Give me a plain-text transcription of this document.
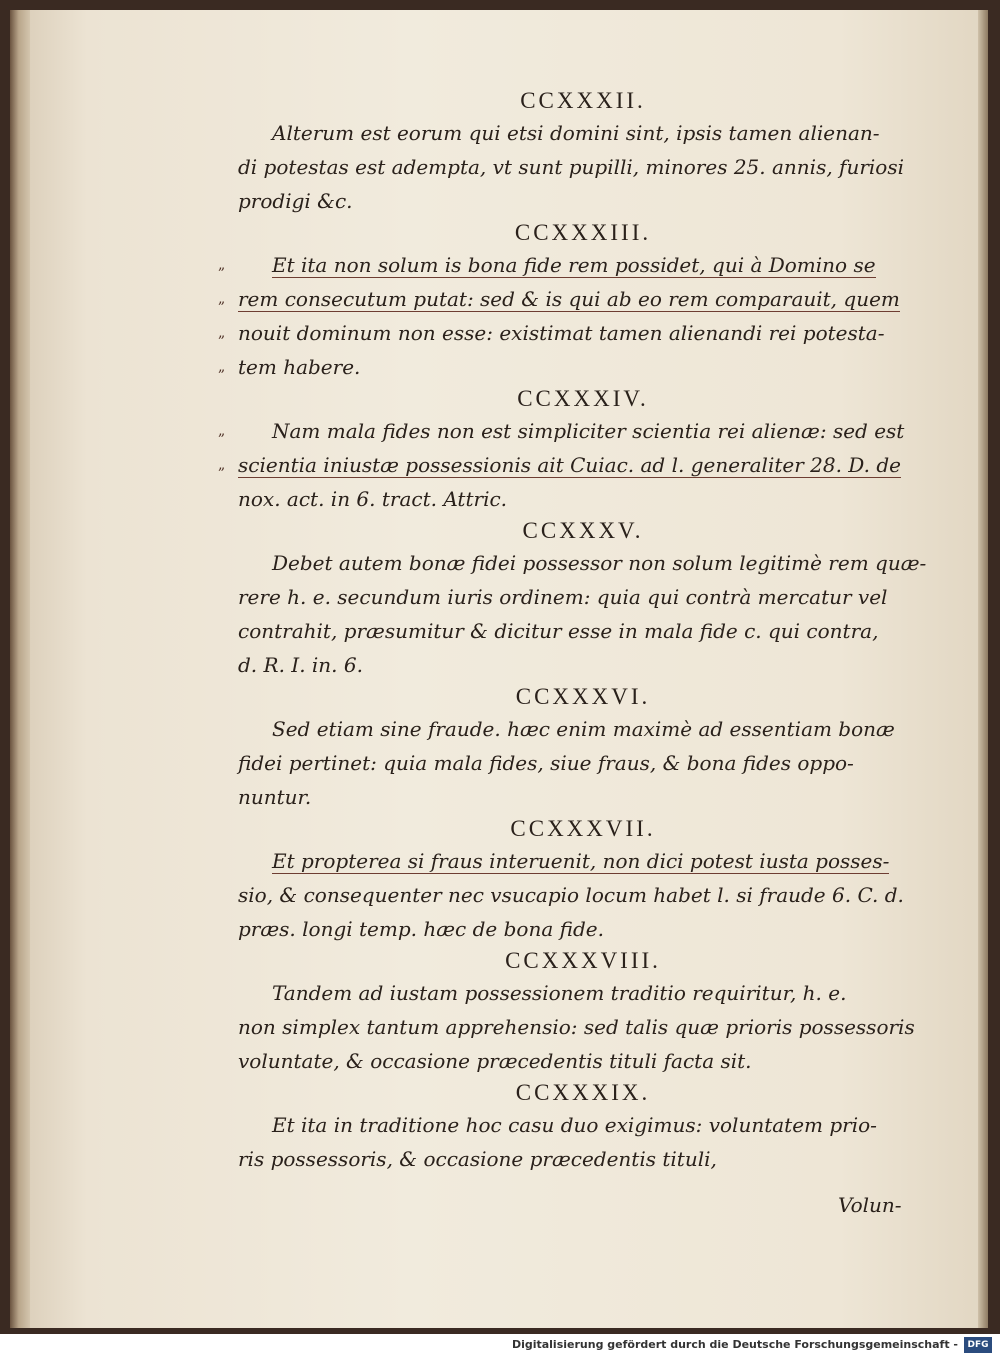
CCXXXII.
Alterum est eorum qui etsi domini sint, ipsis tamen alienan-
di potestas est adempta, vt sunt pupilli, minores 25. annis, furiosi
prodigi &c.
CCXXXIII.
„ Et ita non solum is bona fide rem possidet, qui à Domino se
„ rem consecutum putat: sed & is qui ab eo rem comparauit, quem
„ nouit dominum non esse: existimat tamen alienandi rei potesta-
„ tem habere.
CCXXXIV.
„ Nam mala fides non est simpliciter scientia rei alienæ: sed est
„ scientia iniustæ possessionis ait Cuiac. ad l. generaliter 28. D. de
nox. act. in 6. tract. Attric.
CCXXXV.
Debet autem bonæ fidei possessor non solum legitimè rem quæ-
rere h. e. secundum iuris ordinem: quia qui contrà mercatur vel
contrahit, præsumitur & dicitur esse in mala fide c. qui contra,
d. R. I. in. 6.
CCXXXVI.
Sed etiam sine fraude. hæc enim maximè ad essentiam bonæ
fidei pertinet: quia mala fides, siue fraus, & bona fides oppo-
nuntur.
CCXXXVII.
Et propterea si fraus interuenit, non dici potest iusta posses-
sio, & consequenter nec vsucapio locum habet l. si fraude 6. C. d.
præs. longi temp. hæc de bona fide.
CCXXXVIII.
Tandem ad iustam possessionem traditio requiritur, h. e.
non simplex tantum apprehensio: sed talis quæ prioris possessoris
voluntate, & occasione præcedentis tituli facta sit.
CCXXXIX.
Et ita in traditione hoc casu duo exigimus: voluntatem prio-
ris possessoris, & occasione præcedentis tituli,
Volun-
Digitalisierung gefördert durch die Deutsche Forschungsgemeinschaft -	DFG
